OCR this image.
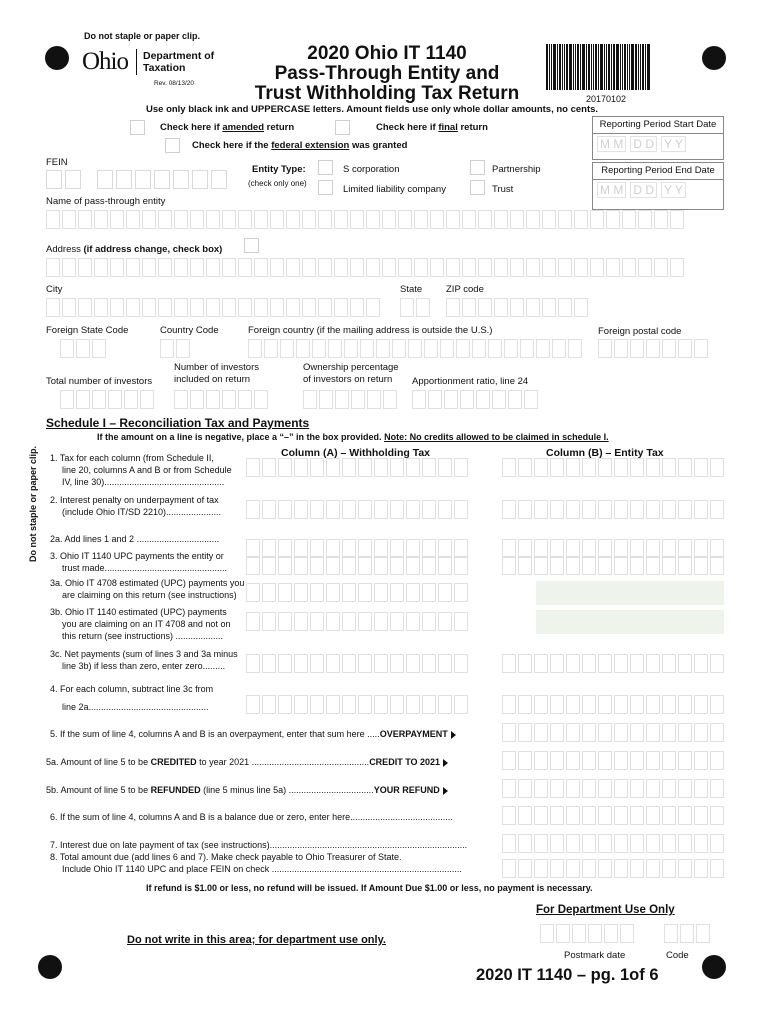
Do not staple or paper clip.
Ohio Department of
Taxation
Rev. 08/13/20
2020 Ohio IT 1140
Pass-Through Entity and
Trust Withholding Tax Return	20170102
Use only black ink and UPPERCASE letters. Amount fields use only whole dollar amounts, no cents.
Check here if amended return	Check here if final return
Check here if the federal extension was granted
Reporting Period Start Date
M M D D Y Y
Reporting Period End Date
M M D D Y Y
FEIN
Entity Type:
(check only one)
S corporation
Limited liability company
Partnership
Trust
Name of pass-through entity
Address (if address change, check box)
City	State	ZIP code
Foreign State Code	Country Code	Foreign country (if the mailing address is outside the U.S.)	Foreign postal code
Number of investors
included on return
Ownership percentage
of investors on return
Total number of investors	Apportionment ratio, line 24
Schedule I – Reconciliation Tax and Payments
If the amount on a line is negative, place a “–” in the box provided. Note: No credits allowed to be claimed in schedule I.
Column (A) – Withholding Tax	Column (B) – Entity Tax
Do not staple or paper clip. 1. Tax for each column (from Schedule II,
line 20, columns A and B or from Schedule
IV, line 30)................................................
2. Interest penalty on underpayment of tax
(include Ohio IT/SD 2210)......................
2a. Add lines 1 and 2 .................................
3. Ohio IT 1140 UPC payments the entity or
trust made.................................................
3a. Ohio IT 4708 estimated (UPC) payments you
are claiming on this return (see instructions)
3b. Ohio IT 1140 estimated (UPC) payments
you are claiming on an IT 4708 and not on
this return (see instructions) ...................
3c. Net payments (sum of lines 3 and 3a minus
line 3b) if less than zero, enter zero.........
4. For each column, subtract line 3c from
line 2a................................................
5. If the sum of line 4, columns A and B is an overpayment, enter that sum here .....OVERPAYMENT
5a. Amount of line 5 to be CREDITED to year 2021 ...............................................CREDIT TO 2021
5b. Amount of line 5 to be REFUNDED (line 5 minus line 5a) ..................................YOUR REFUND
6. If the sum of line 4, columns A and B is a balance due or zero, enter here.........................................
7. Interest due on late payment of tax (see instructions)...............................................................................
8. Total amount due (add lines 6 and 7). Make check payable to Ohio Treasurer of State.
Include Ohio IT 1140 UPC and place FEIN on check ............................................................................
If refund is $1.00 or less, no refund will be issued. If Amount Due $1.00 or less, no payment is necessary.
For Department Use Only
Do not write in this area; for department use only.
Postmark date	Code
2020 IT 1140 – pg. 1of 6
